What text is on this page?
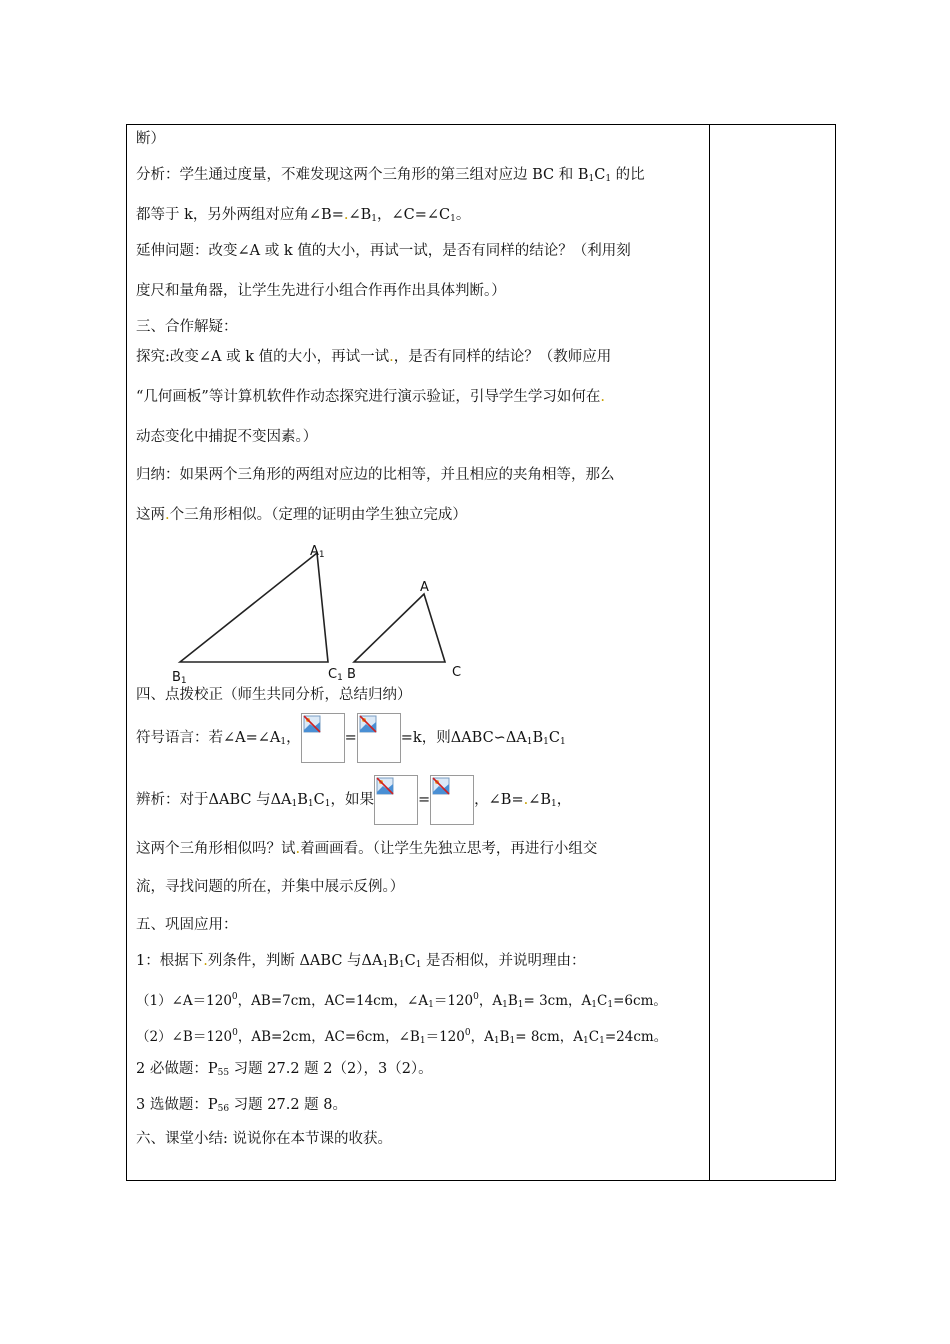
断）
分析：学生通过度量，不难发现这两个三角形的第三组对应边 BC 和 $B_1C_1$ 的比
都等于 k，另外两组对应角$\angle B=.\angle B_1$，$\angle C=\angle C_1$。
延伸问题：改变∠A 或 k 值的大小，再试一试，是否有同样的结论？（利用刻
度尺和量角器，让学生先进行小组合作再作出具体判断。）
三、合作解疑：
探究:改变∠A 或 k 值的大小，再试一试.，是否有同样的结论？（教师应用
“几何画板”等计算机软件作动态探究进行演示验证，引导学生学习如何在.
动态变化中捕捉不变因素。）
归纳：如果两个三角形的两组对应边的比相等，并且相应的夹角相等，那么
这两.个三角形相似。（定理的证明由学生独立完成）
A1
B1	C1 B
A
C
四、点拨校正（师生共同分析，总结归纳）
符号语言：若$\angle A=\angle A_1$，	=	=k，则$\Delta ABC∽\Delta A_1B_1C_1$
辨析：对于ΔABC 与$\Delta A_1B_1C_1$，如果	=	，$\angle B=.\angle B_1$，
这两个三角形相似吗？试.着画画看。（让学生先独立思考，再进行小组交
流，寻找问题的所在，并集中展示反例。）
五、巩固应用：
1：根据下.列条件，判断 ΔABC 与$\Delta A_1B_1C_1$ 是否相似，并说明理由：
$(1)\angle A=120^0$，AB=7cm，AC=14cm，$\angle A_1=120^0$，$A_1B_1= 3cm$，$A_1C_1=6cm$。
$(2)\angle B=120^0$，AB=2cm，AC=6cm，$\angle B_1=120^0$，$A_1B_1= 8cm$，$A_1C_1=24cm$。
2 必做题：$P_{55}$ 习题 27.2 题 2（2），3（2）。
3 选做题：$P_{56}$ 习题 27.2 题 8。
六、课堂小结: 说说你在本节课的收获。
